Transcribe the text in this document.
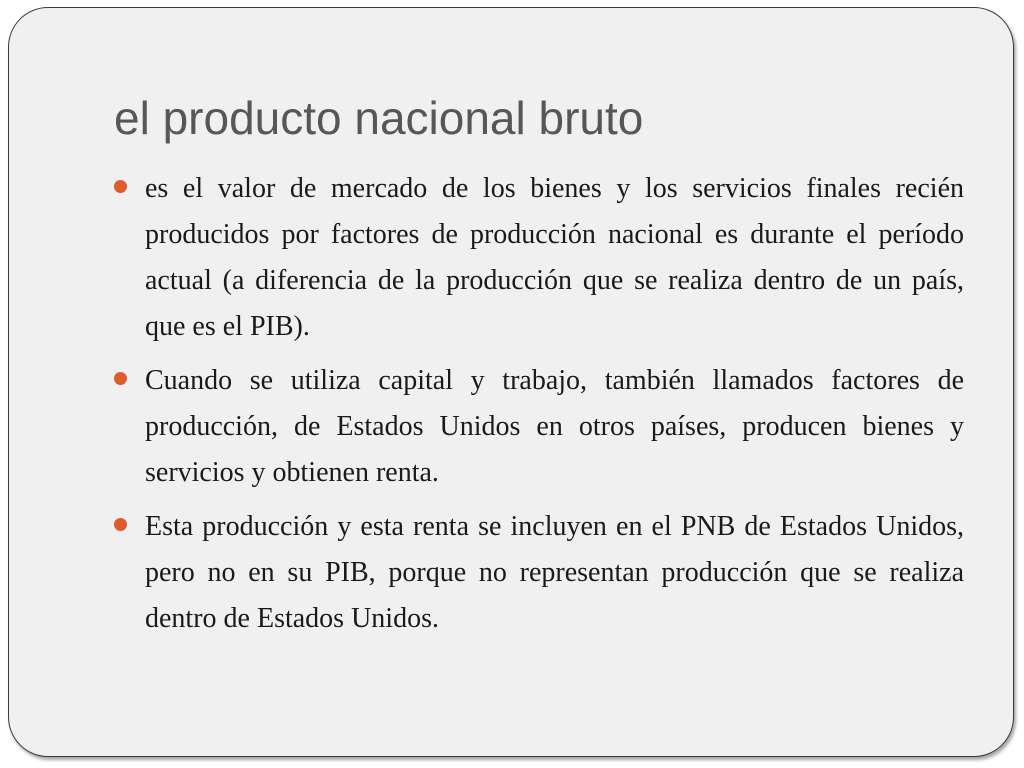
el producto nacional bruto
es el valor de mercado de los bienes y los servicios finales recién producidos por factores de producción nacional es durante el período actual (a diferencia de la producción que se realiza dentro de un país, que es el PIB).
Cuando se utiliza capital y trabajo, también llamados factores de producción, de Estados Unidos en otros países, producen bienes y servicios y obtienen renta.
Esta producción y esta renta se incluyen en el PNB de Estados Unidos, pero no en su PIB, porque no representan producción que se realiza dentro de Estados Unidos.
